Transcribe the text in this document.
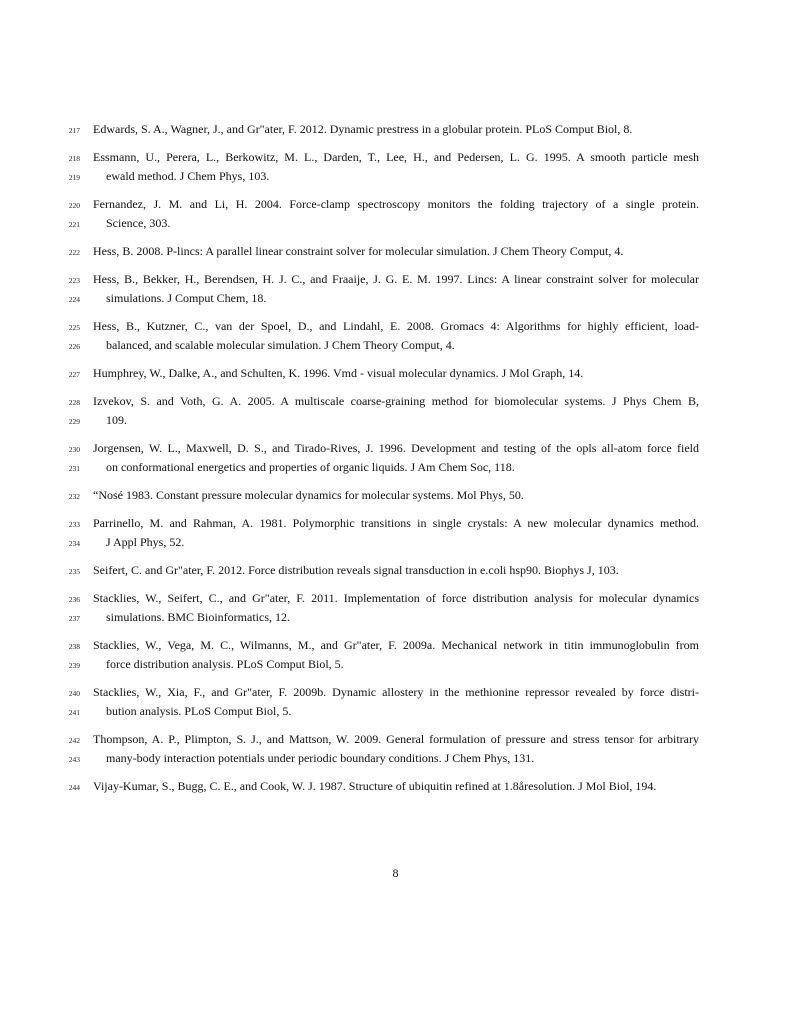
217 Edwards, S. A., Wagner, J., and Gr"ater, F. 2012. Dynamic prestress in a globular protein. PLoS Comput Biol, 8.
218 Essmann, U., Perera, L., Berkowitz, M. L., Darden, T., Lee, H., and Pedersen, L. G. 1995. A smooth particle mesh
219 ewald method. J Chem Phys, 103.
220 Fernandez, J. M. and Li, H. 2004. Force-clamp spectroscopy monitors the folding trajectory of a single protein.
221 Science, 303.
222 Hess, B. 2008. P-lincs: A parallel linear constraint solver for molecular simulation. J Chem Theory Comput, 4.
223 Hess, B., Bekker, H., Berendsen, H. J. C., and Fraaije, J. G. E. M. 1997. Lincs: A linear constraint solver for molecular
224 simulations. J Comput Chem, 18.
225 Hess, B., Kutzner, C., van der Spoel, D., and Lindahl, E. 2008. Gromacs 4: Algorithms for highly efficient, load-
226 balanced, and scalable molecular simulation. J Chem Theory Comput, 4.
227 Humphrey, W., Dalke, A., and Schulten, K. 1996. Vmd - visual molecular dynamics. J Mol Graph, 14.
228 Izvekov, S. and Voth, G. A. 2005. A multiscale coarse-graining method for biomolecular systems. J Phys Chem B,
229 109.
230 Jorgensen, W. L., Maxwell, D. S., and Tirado-Rives, J. 1996. Development and testing of the opls all-atom force field
231 on conformational energetics and properties of organic liquids. J Am Chem Soc, 118.
232 “Nosé 1983. Constant pressure molecular dynamics for molecular systems. Mol Phys, 50.
233 Parrinello, M. and Rahman, A. 1981. Polymorphic transitions in single crystals: A new molecular dynamics method.
234 J Appl Phys, 52.
235 Seifert, C. and Gr"ater, F. 2012. Force distribution reveals signal transduction in e.coli hsp90. Biophys J, 103.
236 Stacklies, W., Seifert, C., and Gr"ater, F. 2011. Implementation of force distribution analysis for molecular dynamics
237 simulations. BMC Bioinformatics, 12.
238 Stacklies, W., Vega, M. C., Wilmanns, M., and Gr"ater, F. 2009a. Mechanical network in titin immunoglobulin from
239 force distribution analysis. PLoS Comput Biol, 5.
240 Stacklies, W., Xia, F., and Gr"ater, F. 2009b. Dynamic allostery in the methionine repressor revealed by force distri-
241 bution analysis. PLoS Comput Biol, 5.
242 Thompson, A. P., Plimpton, S. J., and Mattson, W. 2009. General formulation of pressure and stress tensor for arbitrary
243 many-body interaction potentials under periodic boundary conditions. J Chem Phys, 131.
244 Vijay-Kumar, S., Bugg, C. E., and Cook, W. J. 1987. Structure of ubiquitin refined at 1.8åresolution. J Mol Biol, 194.
8
